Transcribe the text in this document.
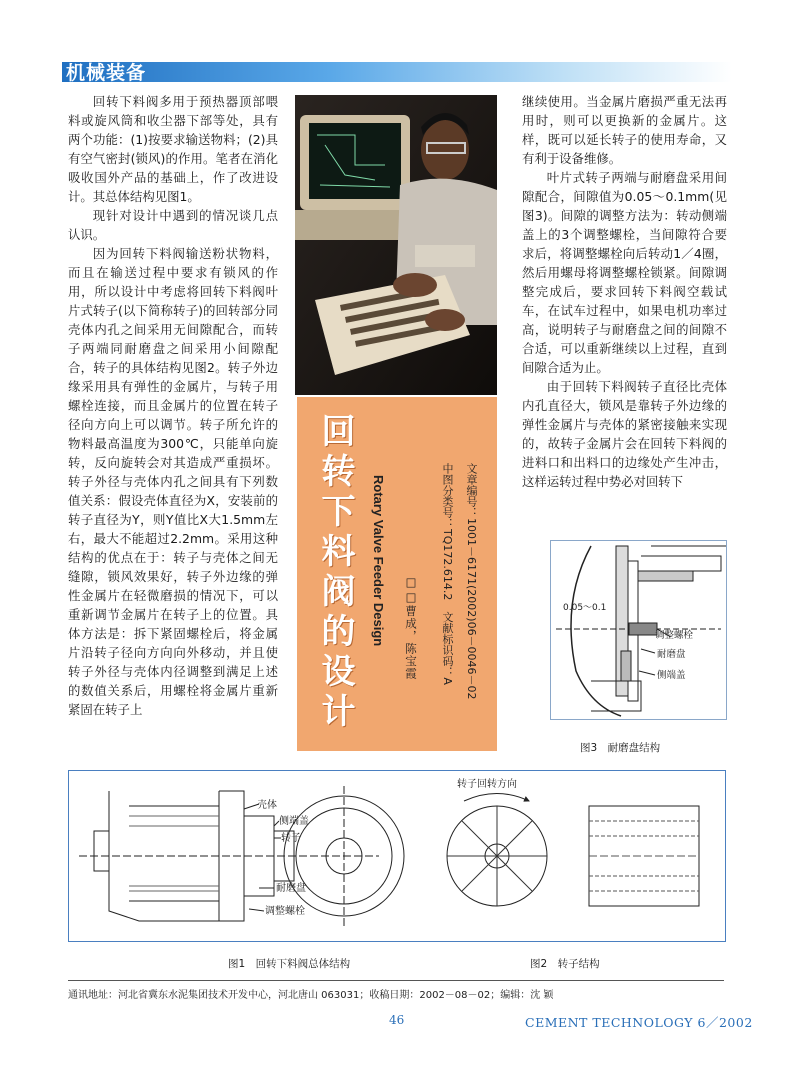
机械装备

回转下料阀多用于预热器顶部喂料或旋风筒和收尘器下部等处，具有两个功能：(1)按要求输送物料；(2)具有空气密封(锁风)的作用。笔者在消化吸收国外产品的基础上，作了改进设计。其总体结构见图1。

现针对设计中遇到的情况谈几点认识。

因为回转下料阀输送粉状物料，而且在输送过程中要求有锁风的作用，所以设计中考虑将回转下料阀叶片式转子(以下简称转子)的回转部分同壳体内孔之间采用无间隙配合，而转子两端同耐磨盘之间采用小间隙配合，转子的具体结构见图2。转子外边缘采用具有弹性的金属片，与转子用螺栓连接，而且金属片的位置在转子径向方向上可以调节。转子所允许的物料最高温度为300℃，只能单向旋转，反向旋转会对其造成严重损坏。转子外径与壳体内孔之间具有下列数值关系：假设壳体直径为X，安装前的转子直径为Y，则Y值比X大1.5mm左右，最大不能超过2.2mm。采用这种结构的优点在于：转子与壳体之间无缝隙，锁风效果好，转子外边缘的弹性金属片在轻微磨损的情况下，可以重新调节金属片在转子上的位置。具体方法是：拆下紧固螺栓后，将金属片沿转子径向方向向外移动，并且使转子外径与壳体内径调整到满足上述的数值关系后，用螺栓将金属片重新紧固在转子上	回转下料阀的设计	Rotary Valve Feeder Design □□曹成，陈宝霞	文章编号：1001－6171(2002)06－0046－02
中图分类号：TQ172.614.2　文献标识码：A

继续使用。当金属片磨损严重无法再用时，则可以更换新的金属片。这样，既可以延长转子的使用寿命，又有利于设备维修。

叶片式转子两端与耐磨盘采用间隙配合，间隙值为0.05～0.1mm(见图3)。间隙的调整方法为：转动侧端盖上的3个调整螺栓，当间隙符合要求后，将调整螺栓向后转动1／4圈，然后用螺母将调整螺栓锁紧。间隙调整完成后，要求回转下料阀空载试车，在试车过程中，如果电机功率过高，说明转子与耐磨盘之间的间隙不合适，可以重新继续以上过程，直到间隙合适为止。

由于回转下料阀转子直径比壳体内孔直径大，锁风是靠转子外边缘的弹性金属片与壳体的紧密接触来实现的，故转子金属片会在回转下料阀的进料口和出料口的边缘处产生冲击，这样运转过程中势必对回转下

0.05～0.1
调整螺栓
耐磨盘
侧端盖
图3　耐磨盘结构
壳体
侧端盖
转子
耐磨盘
调整螺栓
转子回转方向
图1　回转下料阀总体结构	图2　转子结构
通讯地址：河北省冀东水泥集团技术开发中心，河北唐山 063031；收稿日期：2002－08－02；编辑：沈 颖
46	CEMENT TECHNOLOGY 6／2002
